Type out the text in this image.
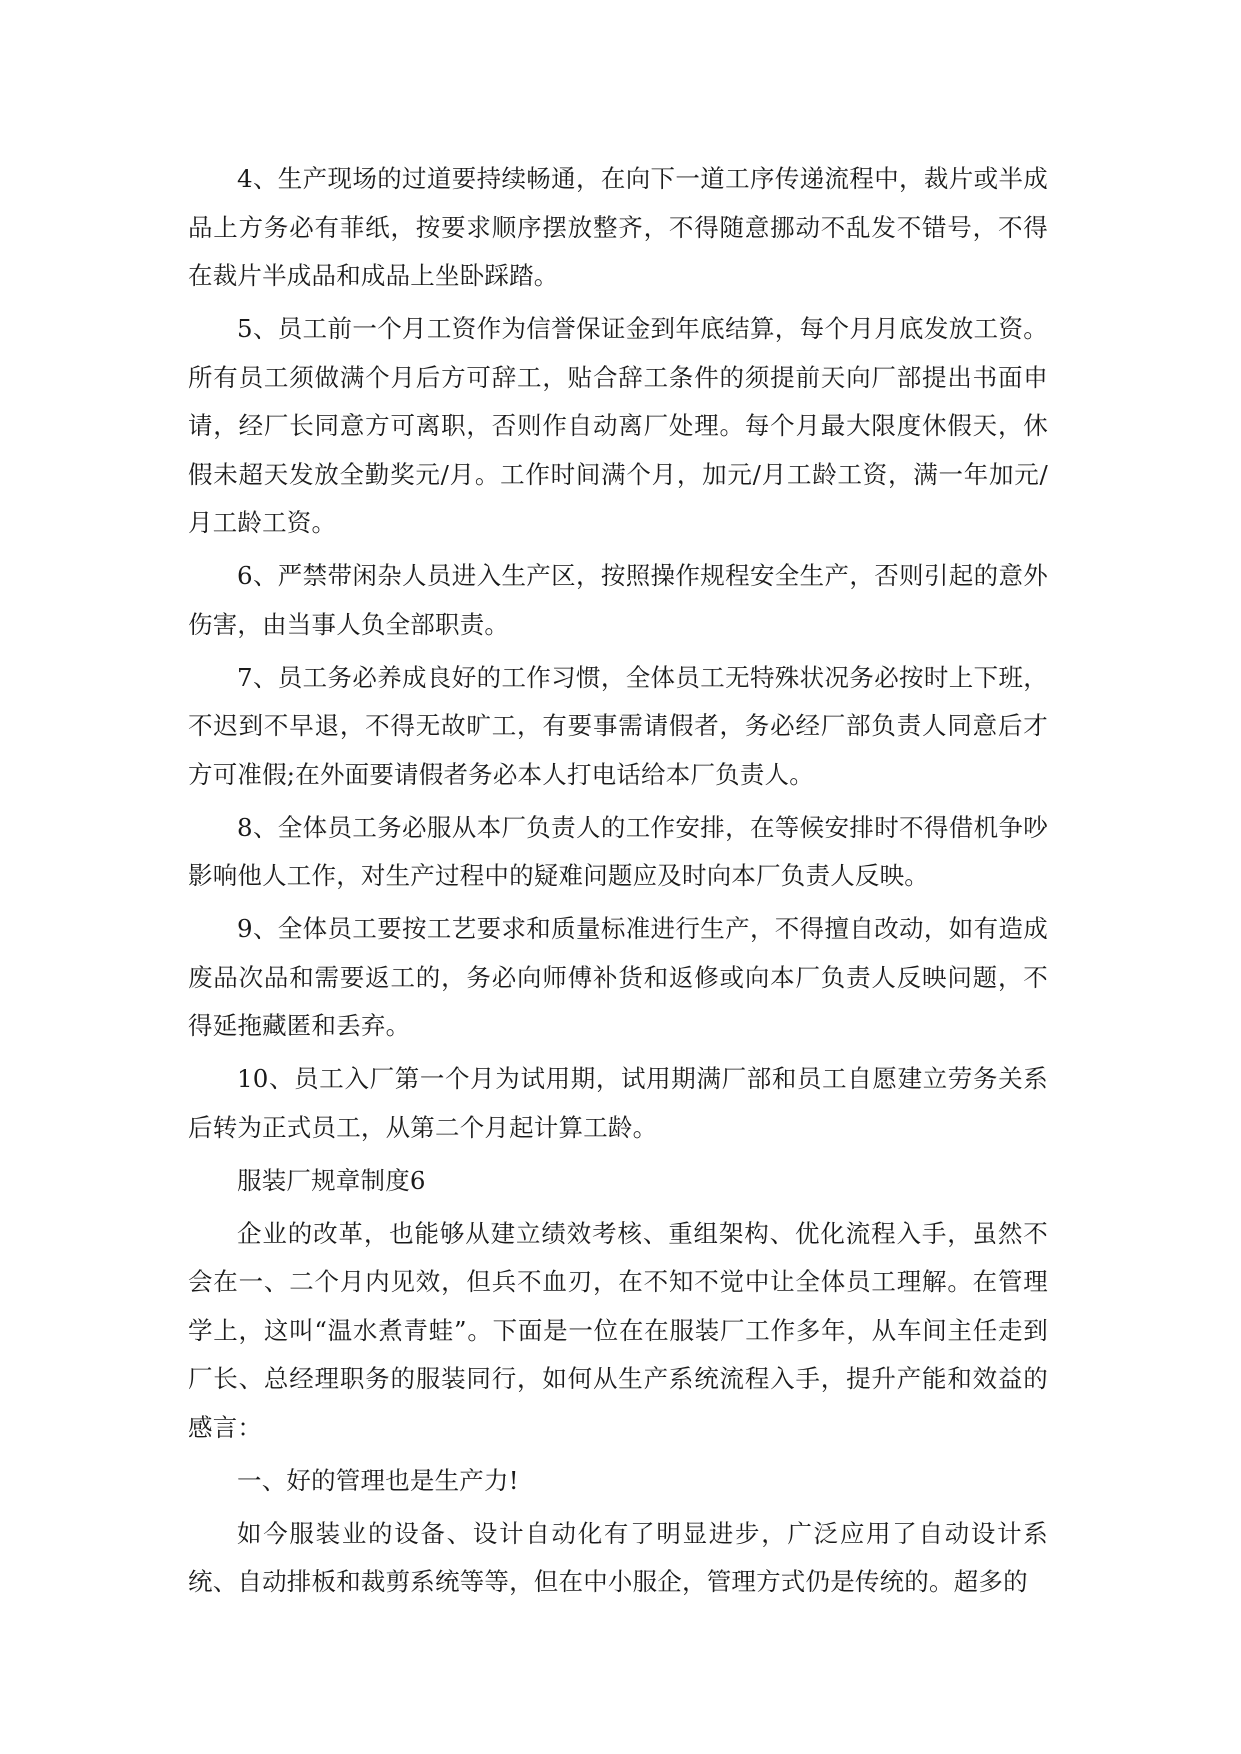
4、生产现场的过道要持续畅通，在向下一道工序传递流程中，裁片或半成品上方务必有菲纸，按要求顺序摆放整齐，不得随意挪动不乱发不错号，不得在裁片半成品和成品上坐卧踩踏。

5、员工前一个月工资作为信誉保证金到年底结算，每个月月底发放工资。所有员工须做满个月后方可辞工，贴合辞工条件的须提前天向厂部提出书面申请，经厂长同意方可离职，否则作自动离厂处理。每个月最大限度休假天，休假未超天发放全勤奖元/月。工作时间满个月，加元/月工龄工资，满一年加元/月工龄工资。

6、严禁带闲杂人员进入生产区，按照操作规程安全生产，否则引起的意外伤害，由当事人负全部职责。

7、员工务必养成良好的工作习惯，全体员工无特殊状况务必按时上下班，不迟到不早退，不得无故旷工，有要事需请假者，务必经厂部负责人同意后才方可准假;在外面要请假者务必本人打电话给本厂负责人。

8、全体员工务必服从本厂负责人的工作安排，在等候安排时不得借机争吵影响他人工作，对生产过程中的疑难问题应及时向本厂负责人反映。

9、全体员工要按工艺要求和质量标准进行生产，不得擅自改动，如有造成废品次品和需要返工的，务必向师傅补货和返修或向本厂负责人反映问题，不得延拖藏匿和丢弃。

10、员工入厂第一个月为试用期，试用期满厂部和员工自愿建立劳务关系后转为正式员工，从第二个月起计算工龄。

服装厂规章制度6

企业的改革，也能够从建立绩效考核、重组架构、优化流程入手，虽然不会在一、二个月内见效，但兵不血刃，在不知不觉中让全体员工理解。在管理学上，这叫“温水煮青蛙”。下面是一位在在服装厂工作多年，从车间主任走到厂长、总经理职务的服装同行，如何从生产系统流程入手，提升产能和效益的感言：

一、好的管理也是生产力!

如今服装业的设备、设计自动化有了明显进步，广泛应用了自动设计系统、自动排板和裁剪系统等等，但在中小服企，管理方式仍是传统的。超多的
